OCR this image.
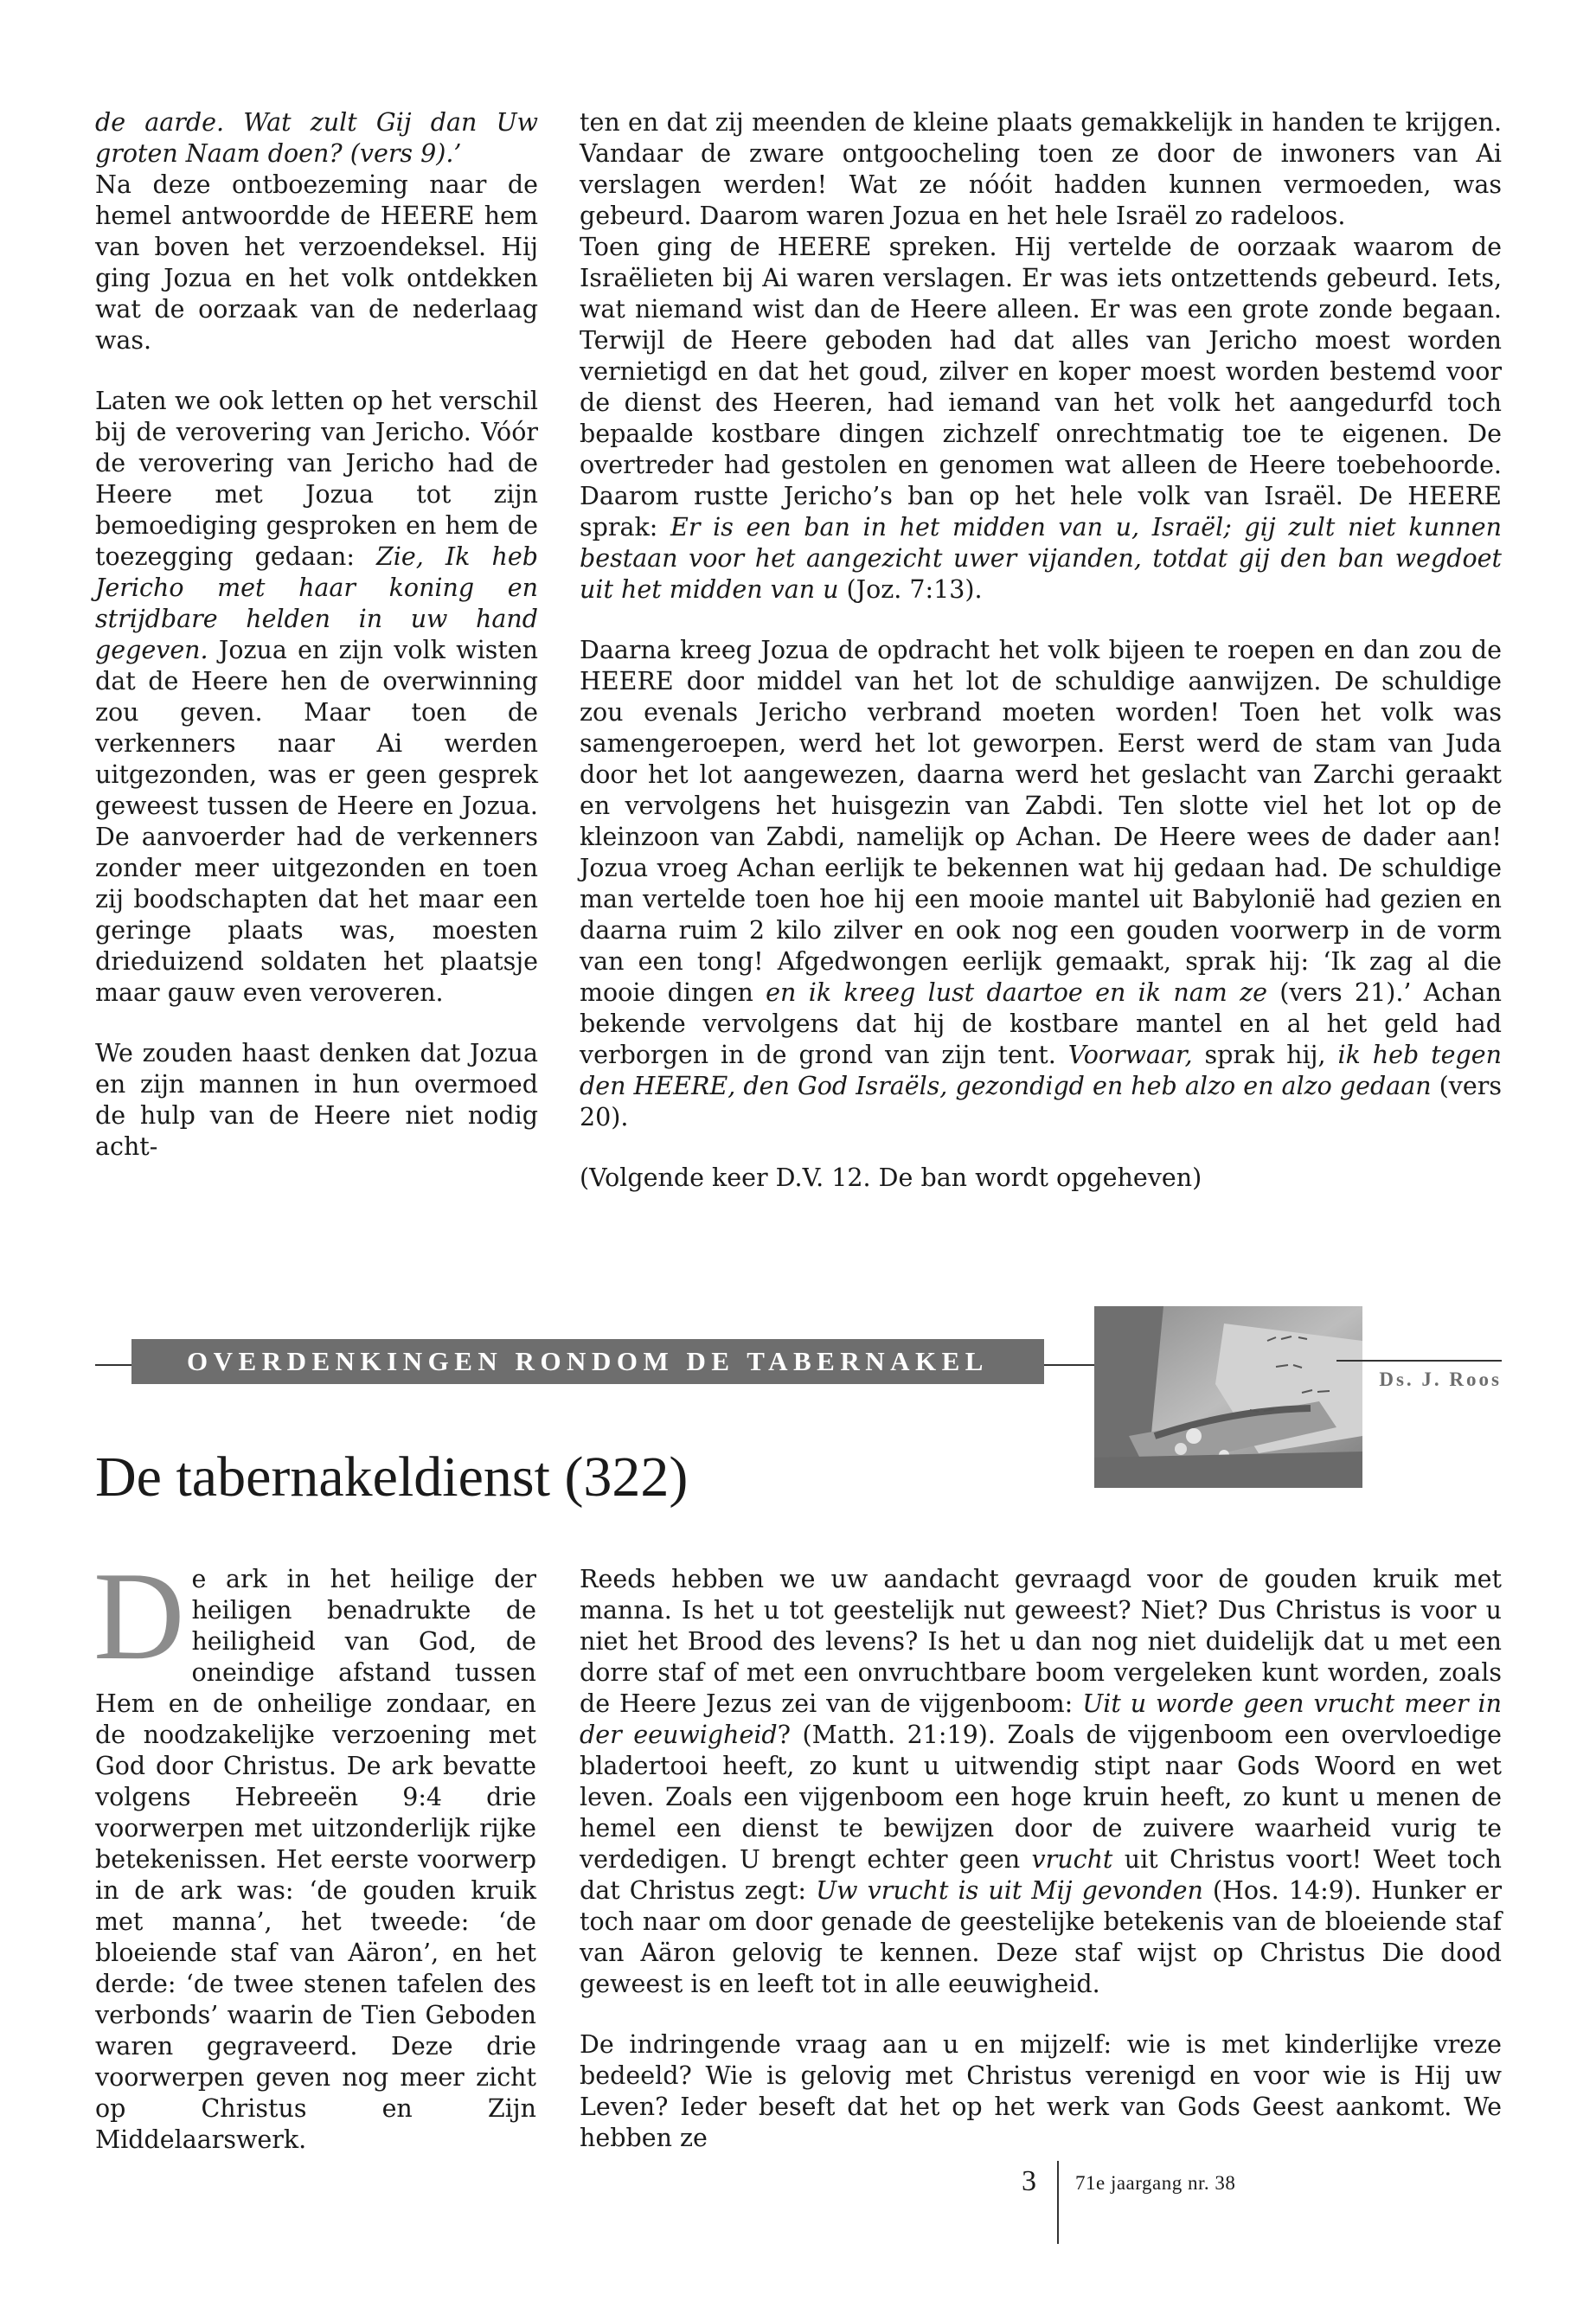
de aarde. Wat zult Gij dan Uw groten Naam doen? (vers 9).’

Na deze ontboezeming naar de hemel antwoordde de HEERE hem van boven het verzoendeksel. Hij ging Jozua en het volk ontdekken wat de oorzaak van de nederlaag was.

Laten we ook letten op het verschil bij de verovering van Jericho. Vóór de verovering van Jericho had de Heere met Jozua tot zijn bemoediging gesproken en hem de toezegging gedaan: Zie, Ik heb Jericho met haar koning en strijdbare helden in uw hand gegeven. Jozua en zijn volk wisten dat de Heere hen de overwinning zou geven. Maar toen de verkenners naar Ai werden uitgezonden, was er geen gesprek geweest tussen de Heere en Jozua. De aanvoerder had de verkenners zonder meer uitgezonden en toen zij boodschapten dat het maar een geringe plaats was, moesten drieduizend soldaten het plaatsje maar gauw even veroveren.

We zouden haast denken dat Jozua en zijn mannen in hun overmoed de hulp van de Heere niet nodig acht-

ten en dat zij meenden de kleine plaats gemakkelijk in handen te krijgen. Vandaar de zware ontgoocheling toen ze door de inwoners van Ai verslagen werden! Wat ze nóóit hadden kunnen vermoeden, was gebeurd. Daarom waren Jozua en het hele Israël zo radeloos.

Toen ging de HEERE spreken. Hij vertelde de oorzaak waarom de Israëlieten bij Ai waren verslagen. Er was iets ontzettends gebeurd. Iets, wat niemand wist dan de Heere alleen. Er was een grote zonde begaan. Terwijl de Heere geboden had dat alles van Jericho moest worden vernietigd en dat het goud, zilver en koper moest worden bestemd voor de dienst des Heeren, had iemand van het volk het aangedurfd toch bepaalde kostbare dingen zichzelf onrechtmatig toe te eigenen. De overtreder had gestolen en genomen wat alleen de Heere toebehoorde. Daarom rustte Jericho’s ban op het hele volk van Israël. De HEERE sprak: Er is een ban in het midden van u, Israël; gij zult niet kunnen bestaan voor het aangezicht uwer vijanden, totdat gij den ban wegdoet uit het midden van u (Joz. 7:13).

Daarna kreeg Jozua de opdracht het volk bijeen te roepen en dan zou de HEERE door middel van het lot de schuldige aanwijzen. De schuldige zou evenals Jericho verbrand moeten worden! Toen het volk was samengeroepen, werd het lot geworpen. Eerst werd de stam van Juda door het lot aangewezen, daarna werd het geslacht van Zarchi geraakt en vervolgens het huisgezin van Zabdi. Ten slotte viel het lot op de kleinzoon van Zabdi, namelijk op Achan. De Heere wees de dader aan! Jozua vroeg Achan eerlijk te bekennen wat hij gedaan had. De schuldige man vertelde toen hoe hij een mooie mantel uit Babylonië had gezien en daarna ruim 2 kilo zilver en ook nog een gouden voorwerp in de vorm van een tong! Afgedwongen eerlijk gemaakt, sprak hij: ‘Ik zag al die mooie dingen en ik kreeg lust daartoe en ik nam ze (vers 21).’ Achan bekende vervolgens dat hij de kostbare mantel en al het geld had verborgen in de grond van zijn tent. Voorwaar, sprak hij, ik heb tegen den HEERE, den God Israëls, gezondigd en heb alzo en alzo gedaan (vers 20).

(Volgende keer D.V. 12. De ban wordt opgeheven)

OVERDENKINGEN RONDOM DE TABERNAKEL
Ds. J. Roos
De tabernakeldienst (322)

De ark in het heilige der heiligen benadrukte de heiligheid van God, de oneindige afstand tussen Hem en de onheilige zondaar, en de noodzakelijke verzoening met God door Christus. De ark bevatte volgens Hebreeën 9:4 drie voorwerpen met uitzonderlijk rijke betekenissen. Het eerste voorwerp in de ark was: ‘de gouden kruik met manna’, het tweede: ‘de bloeiende staf van Aäron’, en het derde: ‘de twee stenen tafelen des verbonds’ waarin de Tien Geboden waren gegraveerd. Deze drie voorwerpen geven nog meer zicht op Christus en Zijn Middelaarswerk.

Reeds hebben we uw aandacht gevraagd voor de gouden kruik met manna. Is het u tot geestelijk nut geweest? Niet? Dus Christus is voor u niet het Brood des levens? Is het u dan nog niet duidelijk dat u met een dorre staf of met een onvruchtbare boom vergeleken kunt worden, zoals de Heere Jezus zei van de vijgenboom: Uit u worde geen vrucht meer in der eeuwigheid? (Matth. 21:19). Zoals de vijgenboom een overvloedige bladertooi heeft, zo kunt u uitwendig stipt naar Gods Woord en wet leven. Zoals een vijgenboom een hoge kruin heeft, zo kunt u menen de hemel een dienst te bewijzen door de zuivere waarheid vurig te verdedigen. U brengt echter geen vrucht uit Christus voort! Weet toch dat Christus zegt: Uw vrucht is uit Mij gevonden (Hos. 14:9). Hunker er toch naar om door genade de geestelijke betekenis van de bloeiende staf van Aäron gelovig te kennen. Deze staf wijst op Christus Die dood geweest is en leeft tot in alle eeuwigheid.

De indringende vraag aan u en mijzelf: wie is met kinderlijke vreze bedeeld? Wie is gelovig met Christus verenigd en voor wie is Hij uw Leven? Ieder beseft dat het op het werk van Gods Geest aankomt. We hebben ze

3 71e jaargang nr. 38
